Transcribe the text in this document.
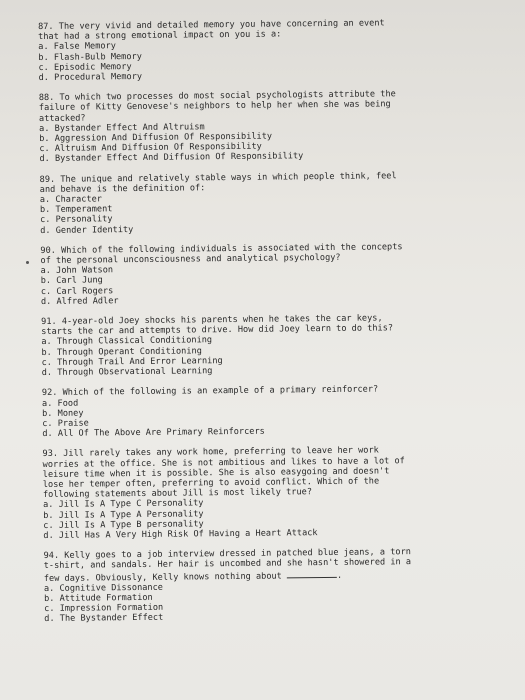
87. The very vivid and detailed memory you have concerning an event
that had a strong emotional impact on you is a:
a. False Memory
b. Flash-Bulb Memory
c. Episodic Memory
d. Procedural Memory
88. To which two processes do most social psychologists attribute the
failure of Kitty Genovese's neighbors to help her when she was being
attacked?
a. Bystander Effect And Altruism
b. Aggression And Diffusion Of Responsibility
c. Altruism And Diffusion Of Responsibility
d. Bystander Effect And Diffusion Of Responsibility
89. The unique and relatively stable ways in which people think, feel
and behave is the definition of:
a. Character
b. Temperament
c. Personality
d. Gender Identity
90. Which of the following individuals is associated with the concepts
of the personal unconsciousness and analytical psychology?
a. John Watson
b. Carl Jung
c. Carl Rogers
d. Alfred Adler
91. 4-year-old Joey shocks his parents when he takes the car keys,
starts the car and attempts to drive. How did Joey learn to do this?
a. Through Classical Conditioning
b. Through Operant Conditioning
c. Through Trail And Error Learning
d. Through Observational Learning
92. Which of the following is an example of a primary reinforcer?
a. Food
b. Money
c. Praise
d. All Of The Above Are Primary Reinforcers
93. Jill rarely takes any work home, preferring to leave her work
worries at the office. She is not ambitious and likes to have a lot of
leisure time when it is possible. She is also easygoing and doesn't
lose her temper often, preferring to avoid conflict. Which of the
following statements about Jill is most likely true?
a. Jill Is A Type C Personality
b. Jill Is A Type A Personality
c. Jill Is A Type B personality
d. Jill Has A Very High Risk Of Having a Heart Attack
94. Kelly goes to a job interview dressed in patched blue jeans, a torn
t-shirt, and sandals. Her hair is uncombed and she hasn't showered in a
few days. Obviously, Kelly knows nothing about	.
a. Cognitive Dissonance
b. Attitude Formation
c. Impression Formation
d. The Bystander Effect
